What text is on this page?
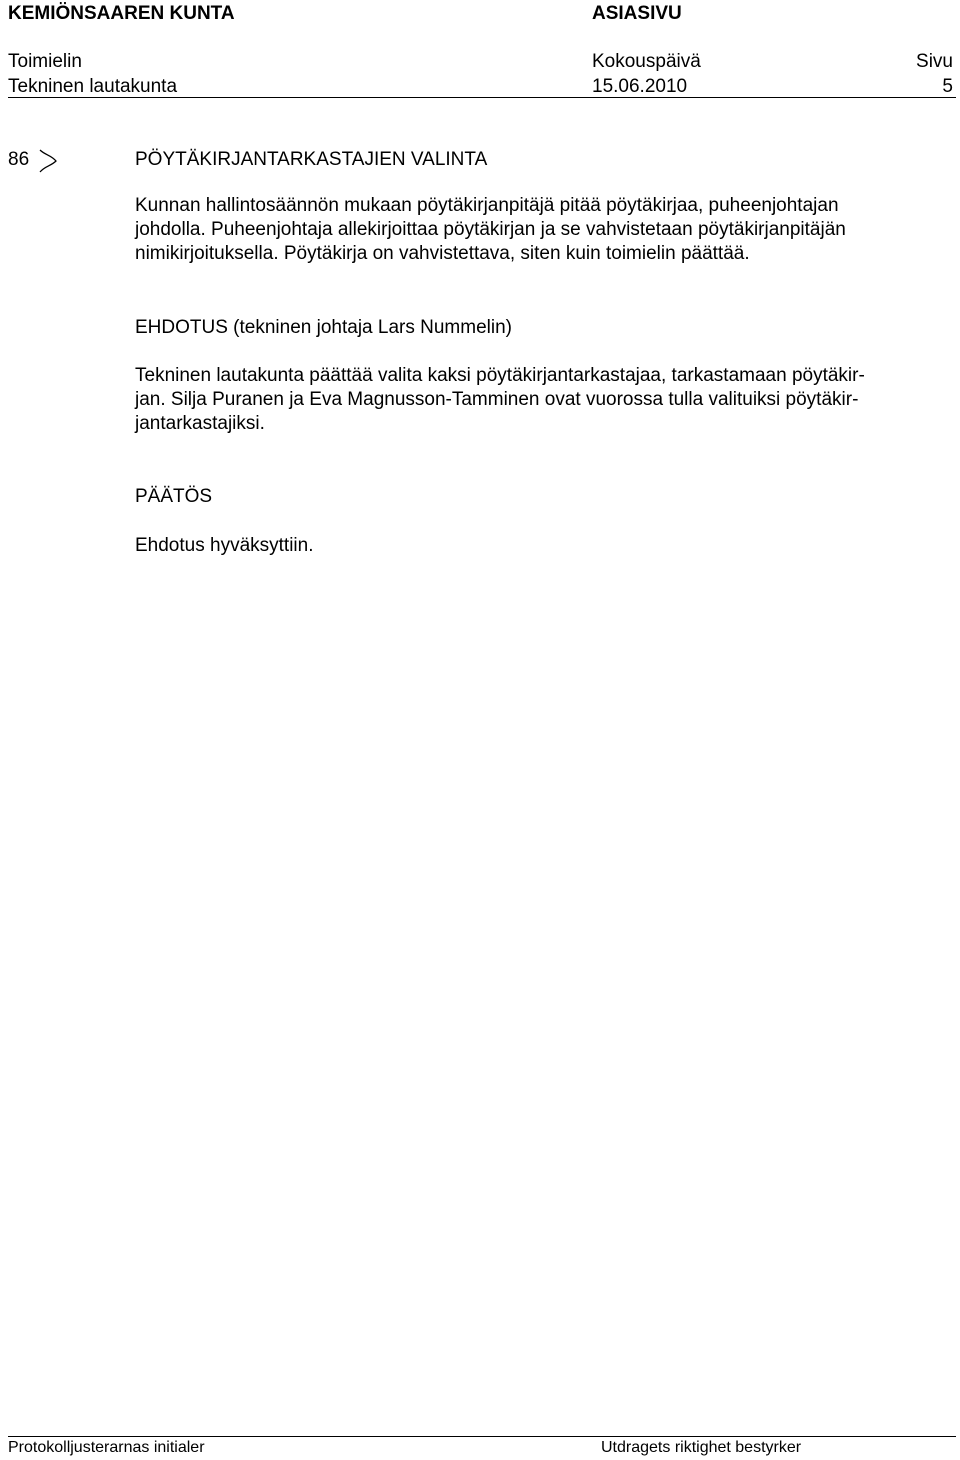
KEMIÖNSAAREN KUNTA	ASIASIVU
Toimielin	Kokouspäivä	Sivu
Tekninen lautakunta	15.06.2010	5
86	PÖYTÄKIRJANTARKASTAJIEN VALINTA
Kunnan hallintosäännön mukaan pöytäkirjanpitäjä pitää pöytäkirjaa, puheenjohtajan
johdolla. Puheenjohtaja allekirjoittaa pöytäkirjan ja se vahvistetaan pöytäkirjanpitäjän
nimikirjoituksella. Pöytäkirja on vahvistettava, siten kuin toimielin päättää.
EHDOTUS (tekninen johtaja Lars Nummelin)
Tekninen lautakunta päättää valita kaksi pöytäkirjantarkastajaa, tarkastamaan pöytäkir-
jan. Silja Puranen ja Eva Magnusson-Tamminen ovat vuorossa tulla valituiksi pöytäkir-
jantarkastajiksi.
PÄÄTÖS
Ehdotus hyväksyttiin.
Protokolljusterarnas initialer	Utdragets riktighet bestyrker
